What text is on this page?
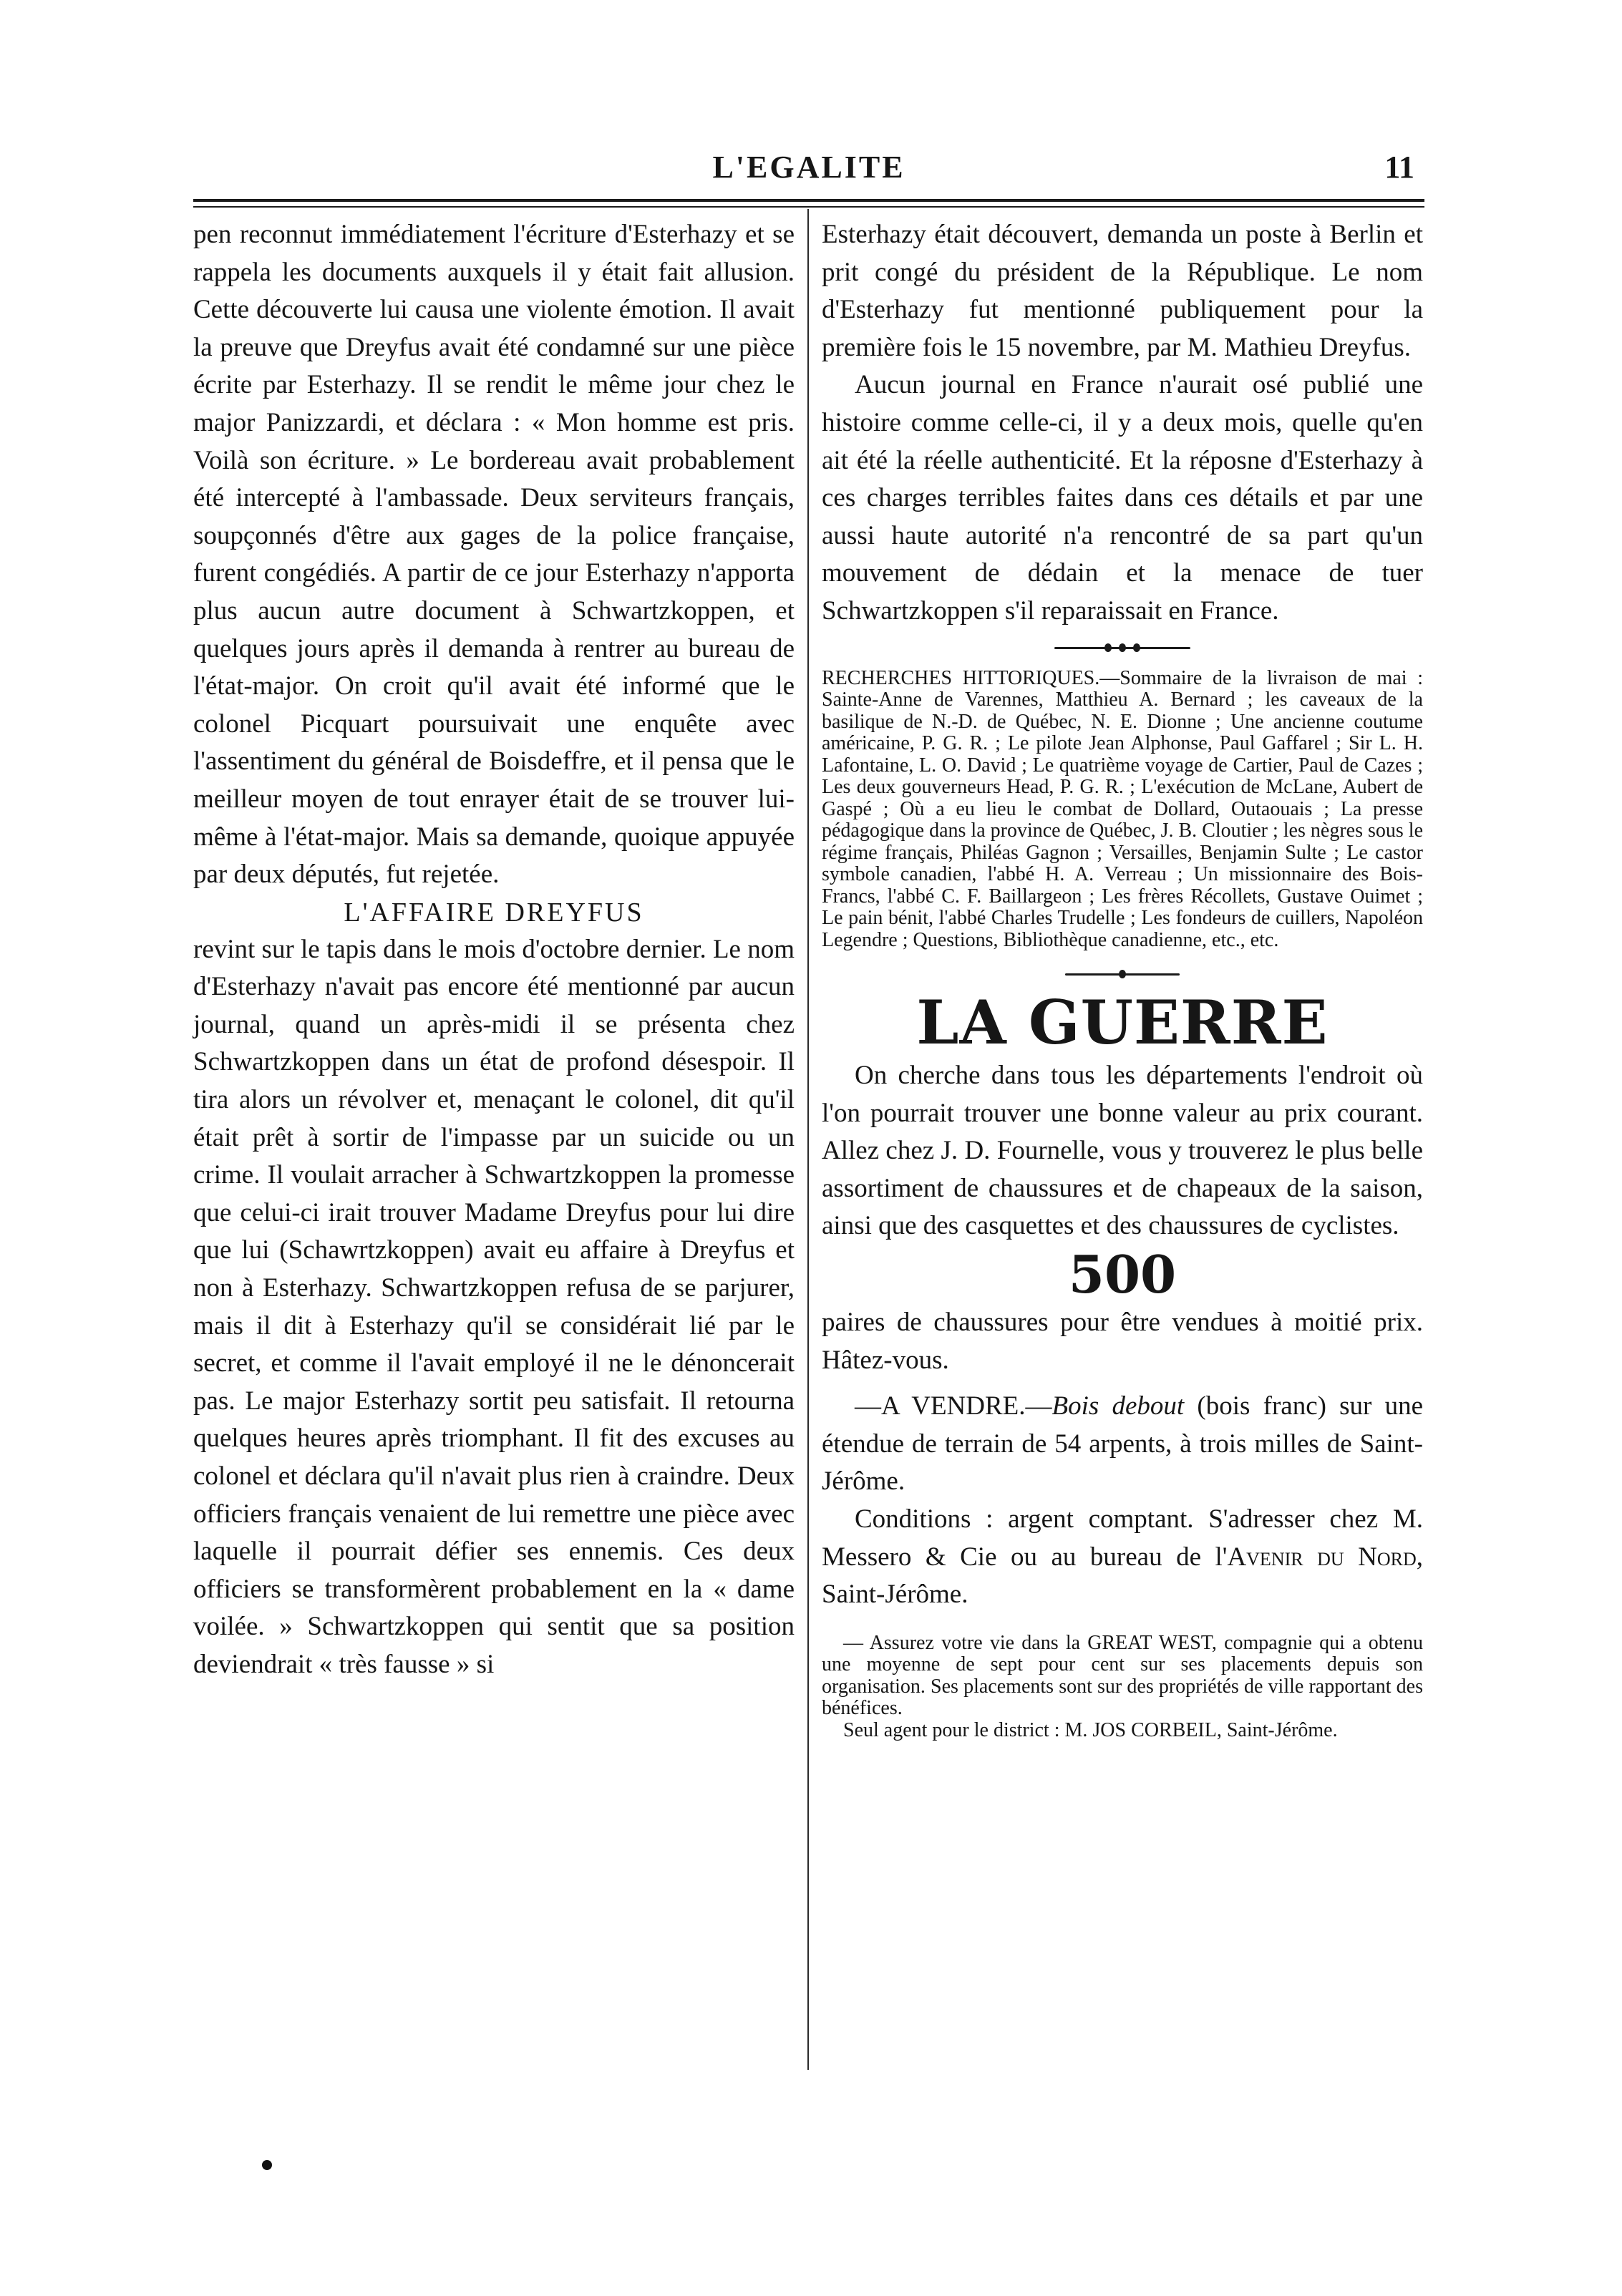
L'EGALITE	11

pen reconnut immédiatement l'écriture d'Esterhazy et se rappela les documents auxquels il y était fait allusion. Cette découverte lui causa une violente émotion. Il avait la preuve que Dreyfus avait été condamné sur une pièce écrite par Esterhazy. Il se rendit le même jour chez le major Panizzardi, et déclara : « Mon homme est pris. Voilà son écriture. » Le bordereau avait probablement été intercepté à l'ambassade. Deux serviteurs français, soupçonnés d'être aux gages de la police française, furent congédiés. A partir de ce jour Esterhazy n'apporta plus aucun autre document à Schwartzkoppen, et quelques jours après il demanda à rentrer au bureau de l'état-major. On croit qu'il avait été informé que le colonel Picquart poursuivait une enquête avec l'assentiment du général de Boisdeffre, et il pensa que le meilleur moyen de tout enrayer était de se trouver lui-même à l'état-major. Mais sa demande, quoique appuyée par deux députés, fut rejetée.

L'AFFAIRE DREYFUS

revint sur le tapis dans le mois d'octobre dernier. Le nom d'Esterhazy n'avait pas encore été mentionné par aucun journal, quand un après-midi il se présenta chez Schwartzkoppen dans un état de profond désespoir. Il tira alors un révolver et, menaçant le colonel, dit qu'il était prêt à sortir de l'impasse par un suicide ou un crime. Il voulait arracher à Schwartzkoppen la promesse que celui-ci irait trouver Madame Dreyfus pour lui dire que lui (Schawrtzkoppen) avait eu affaire à Dreyfus et non à Esterhazy. Schwartzkoppen refusa de se parjurer, mais il dit à Esterhazy qu'il se considérait lié par le secret, et comme il l'avait employé il ne le dénoncerait pas. Le major Esterhazy sortit peu satisfait. Il retourna quelques heures après triomphant. Il fit des excuses au colonel et déclara qu'il n'avait plus rien à craindre. Deux officiers français venaient de lui remettre une pièce avec laquelle il pourrait défier ses ennemis. Ces deux officiers se transformèrent probablement en la « dame voilée. » Schwartzkoppen qui sentit que sa position deviendrait « très fausse » si

Esterhazy était découvert, demanda un poste à Berlin et prit congé du président de la République. Le nom d'Esterhazy fut mentionné publiquement pour la première fois le 15 novembre, par M. Mathieu Dreyfus.

Aucun journal en France n'aurait osé publié une histoire comme celle-ci, il y a deux mois, quelle qu'en ait été la réelle authenticité. Et la réposne d'Esterhazy à ces charges terribles faites dans ces détails et par une aussi haute autorité n'a rencontré de sa part qu'un mouvement de dédain et la menace de tuer Schwartzkoppen s'il reparaissait en France.

RECHERCHES HITTORIQUES.—Sommaire de la livraison de mai : Sainte-Anne de Varennes, Matthieu A. Bernard ; les caveaux de la basilique de N.-D. de Québec, N. E. Dionne ; Une ancienne coutume américaine, P. G. R. ; Le pilote Jean Alphonse, Paul Gaffarel ; Sir L. H. Lafontaine, L. O. David ; Le quatrième voyage de Cartier, Paul de Cazes ; Les deux gouverneurs Head, P. G. R. ; L'exécution de McLane, Aubert de Gaspé ; Où a eu lieu le combat de Dollard, Outaouais ; La presse pédagogique dans la province de Québec, J. B. Cloutier ; les nègres sous le régime français, Philéas Gagnon ; Versailles, Benjamin Sulte ; Le castor symbole canadien, l'abbé H. A. Verreau ; Un missionnaire des Bois-Francs, l'abbé C. F. Baillargeon ; Les frères Récollets, Gustave Ouimet ; Le pain bénit, l'abbé Charles Trudelle ; Les fondeurs de cuillers, Napoléon Legendre ; Questions, Bibliothèque canadienne, etc., etc.

LA GUERRE

On cherche dans tous les départements l'endroit où l'on pourrait trouver une bonne valeur au prix courant. Allez chez J. D. Fournelle, vous y trouverez le plus belle assortiment de chaussures et de chapeaux de la saison, ainsi que des casquettes et des chaussures de cyclistes.

500

paires de chaussures pour être vendues à moitié prix. Hâtez-vous.

—A VENDRE.—Bois debout (bois franc) sur une étendue de terrain de 54 arpents, à trois milles de Saint-Jérôme.

Conditions : argent comptant. S'adresser chez M. Messero & Cie ou au bureau de l'Avenir du Nord, Saint-Jérôme.

— Assurez votre vie dans la GREAT WEST, compagnie qui a obtenu une moyenne de sept pour cent sur ses placements depuis son organisation. Ses placements sont sur des propriétés de ville rapportant des bénéfices.

Seul agent pour le district : M. JOS CORBEIL, Saint-Jérôme.
